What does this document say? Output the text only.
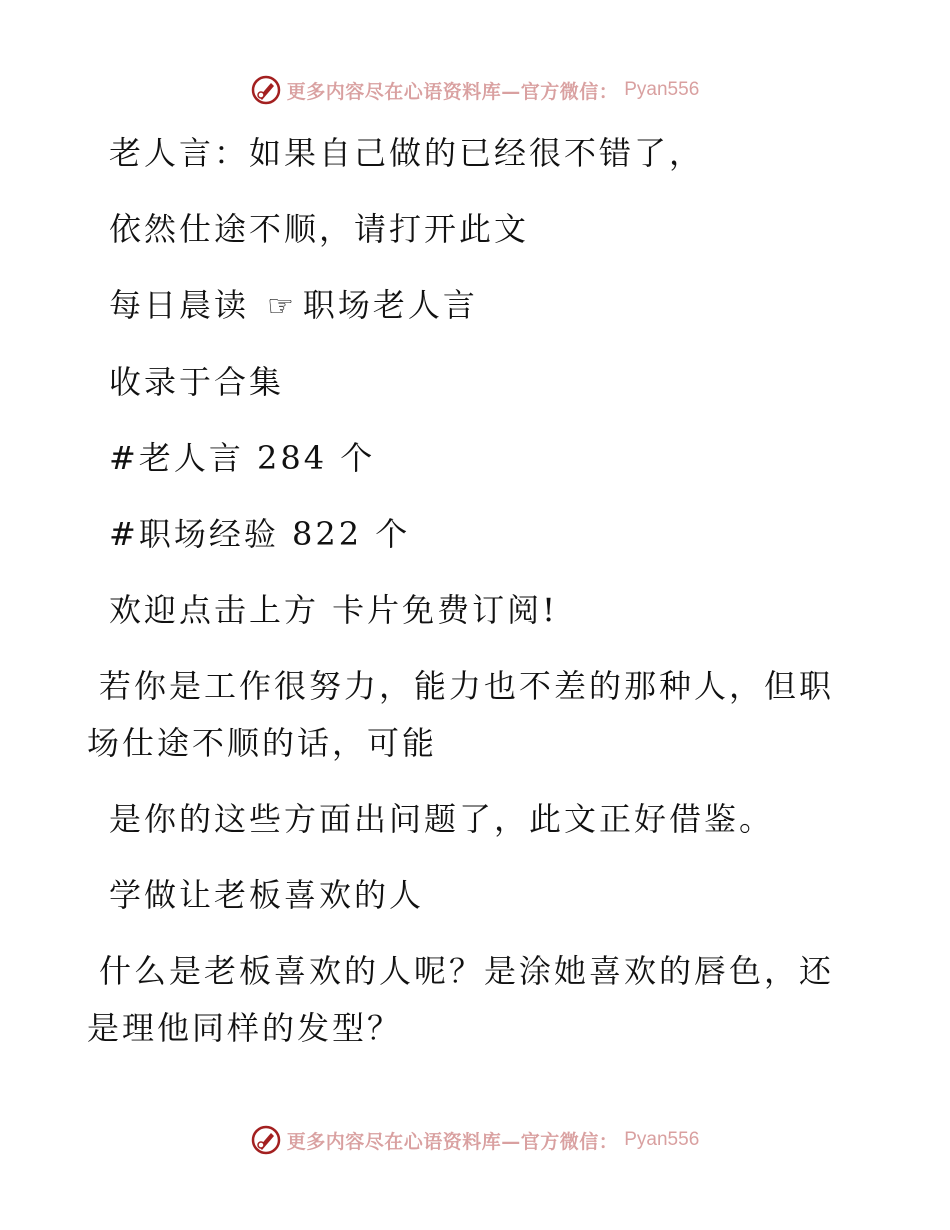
更多内容尽在心语资料库—官方微信： Pyan556

老人言：如果自己做的已经很不错了，

依然仕途不顺，请打开此文

每日晨读 ☞ 职场老人言

收录于合集

#老人言 284 个

#职场经验 822 个

欢迎点击上方 卡片免费订阅!

若你是工作很努力，能力也不差的那种人，但职场仕途不顺的话，可能

是你的这些方面出问题了，此文正好借鉴。

学做让老板喜欢的人

什么是老板喜欢的人呢？是涂她喜欢的唇色，还是理他同样的发型？

更多内容尽在心语资料库—官方微信： Pyan556
